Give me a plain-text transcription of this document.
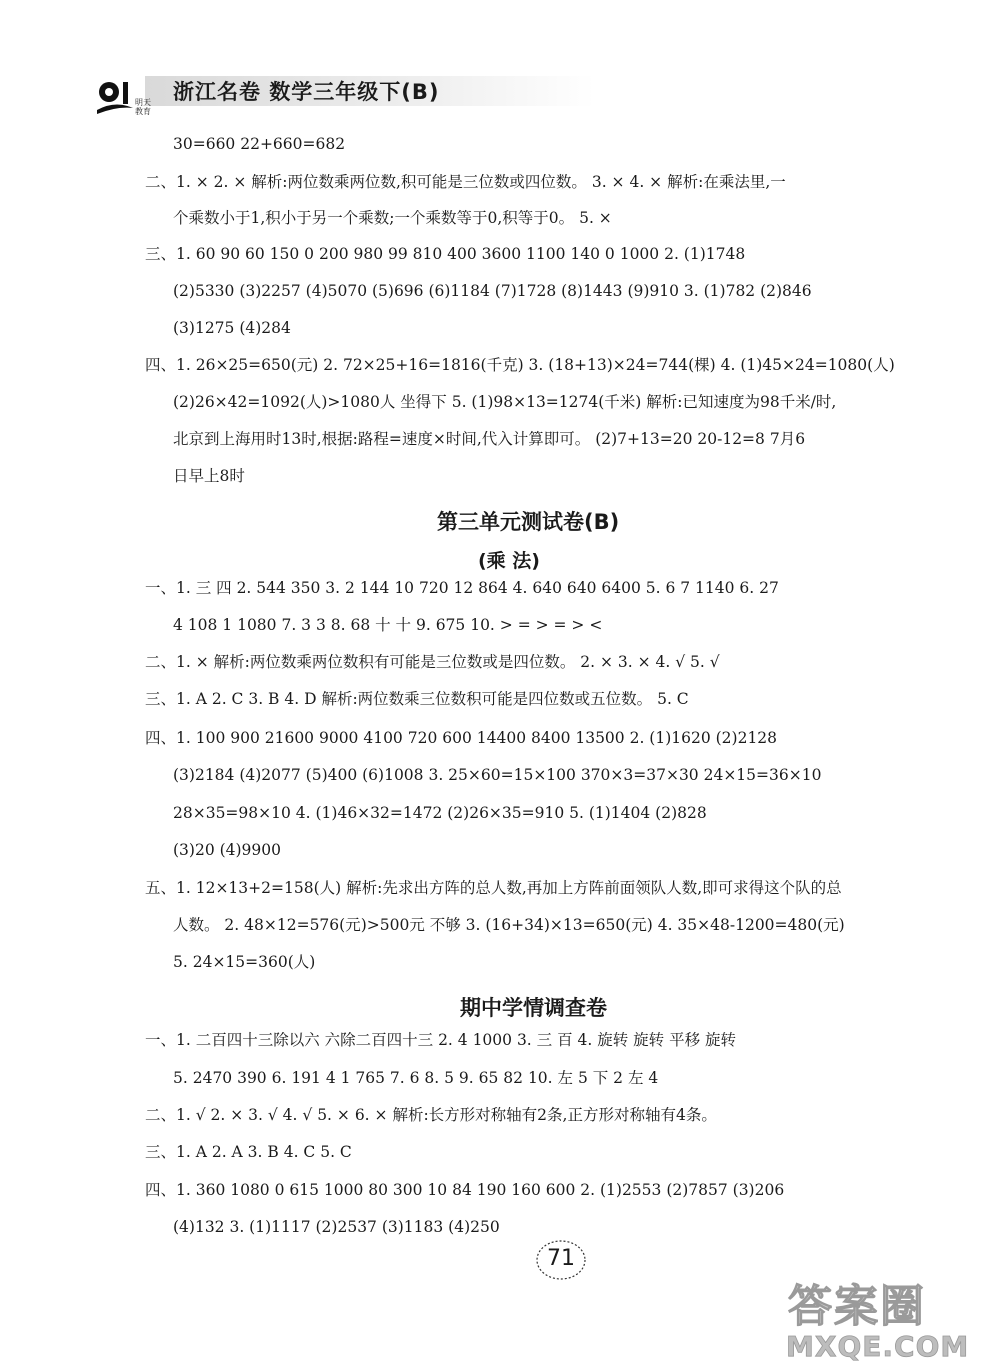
明天教育
浙江名卷 数学三年级下(B)
30=660 22+660=682
二、1. × 2. × 解析:两位数乘两位数,积可能是三位数或四位数。 3. × 4. × 解析:在乘法里,一
个乘数小于1,积小于另一个乘数;一个乘数等于0,积等于0。 5. ×
三、1. 60 90 60 150 0 200 980 99 810 400 3600 1100 140 0 1000 2. (1)1748
(2)5330 (3)2257 (4)5070 (5)696 (6)1184 (7)1728 (8)1443 (9)910 3. (1)782 (2)846
(3)1275 (4)284
四、1. 26×25=650(元) 2. 72×25+16=1816(千克) 3. (18+13)×24=744(棵) 4. (1)45×24=1080(人)
(2)26×42=1092(人)>1080人 坐得下 5. (1)98×13=1274(千米) 解析:已知速度为98千米/时,
北京到上海用时13时,根据:路程=速度×时间,代入计算即可。 (2)7+13=20 20-12=8 7月6
日早上8时
第三单元测试卷(B)
(乘 法)
一、1. 三 四 2. 544 350 3. 2 144 10 720 12 864 4. 640 640 6400 5. 6 7 1140 6. 27
4 108 1 1080 7. 3 3 8. 68 十 十 9. 675 10. > = > = > <
二、1. × 解析:两位数乘两位数积有可能是三位数或是四位数。 2. × 3. × 4. √ 5. √
三、1. A 2. C 3. B 4. D 解析:两位数乘三位数积可能是四位数或五位数。 5. C
四、1. 100 900 21600 9000 4100 720 600 14400 8400 13500 2. (1)1620 (2)2128
(3)2184 (4)2077 (5)400 (6)1008 3. 25×60=15×100 370×3=37×30 24×15=36×10
28×35=98×10 4. (1)46×32=1472 (2)26×35=910 5. (1)1404 (2)828
(3)20 (4)9900
五、1. 12×13+2=158(人) 解析:先求出方阵的总人数,再加上方阵前面领队人数,即可求得这个队的总
人数。 2. 48×12=576(元)>500元 不够 3. (16+34)×13=650(元) 4. 35×48-1200=480(元)
5. 24×15=360(人)
期中学情调查卷
一、1. 二百四十三除以六 六除二百四十三 2. 4 1000 3. 三 百 4. 旋转 旋转 平移 旋转
5. 2470 390 6. 191 4 1 765 7. 6 8. 5 9. 65 82 10. 左 5 下 2 左 4
二、1. √ 2. × 3. √ 4. √ 5. × 6. × 解析:长方形对称轴有2条,正方形对称轴有4条。
三、1. A 2. A 3. B 4. C 5. C
四、1. 360 1080 0 615 1000 80 300 10 84 190 160 600 2. (1)2553 (2)7857 (3)206
(4)132 3. (1)1117 (2)2537 (3)1183 (4)250
71
答案圈
MXQE.COM
